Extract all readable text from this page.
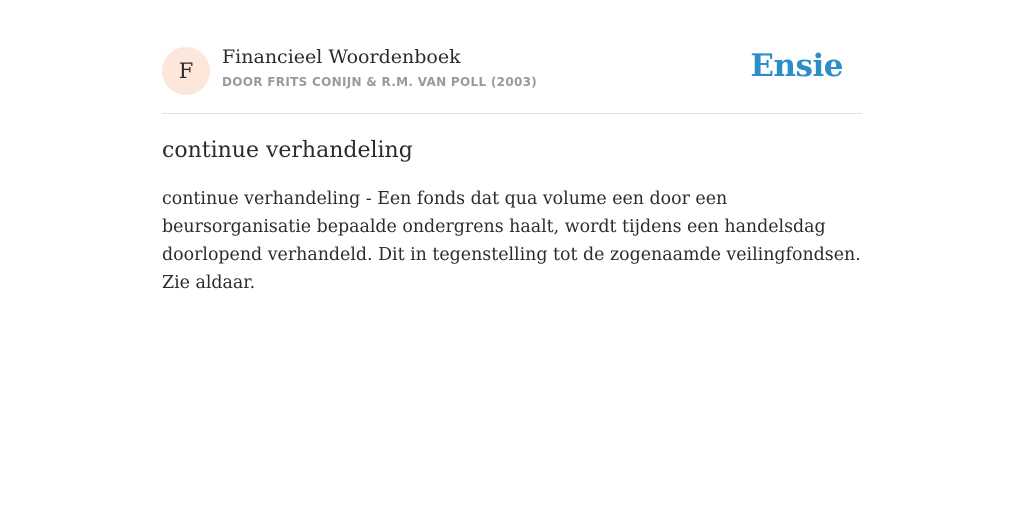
F
Financieel Woordenboek
DOOR FRITS CONIJN & R.M. VAN POLL (2003)	Ensie
continue verhandeling

continue verhandeling - Een fonds dat qua volume een door een beursorganisatie bepaalde ondergrens haalt, wordt tijdens een handelsdag doorlopend verhandeld. Dit in tegenstelling tot de zogenaamde veilingfondsen. Zie aldaar.
